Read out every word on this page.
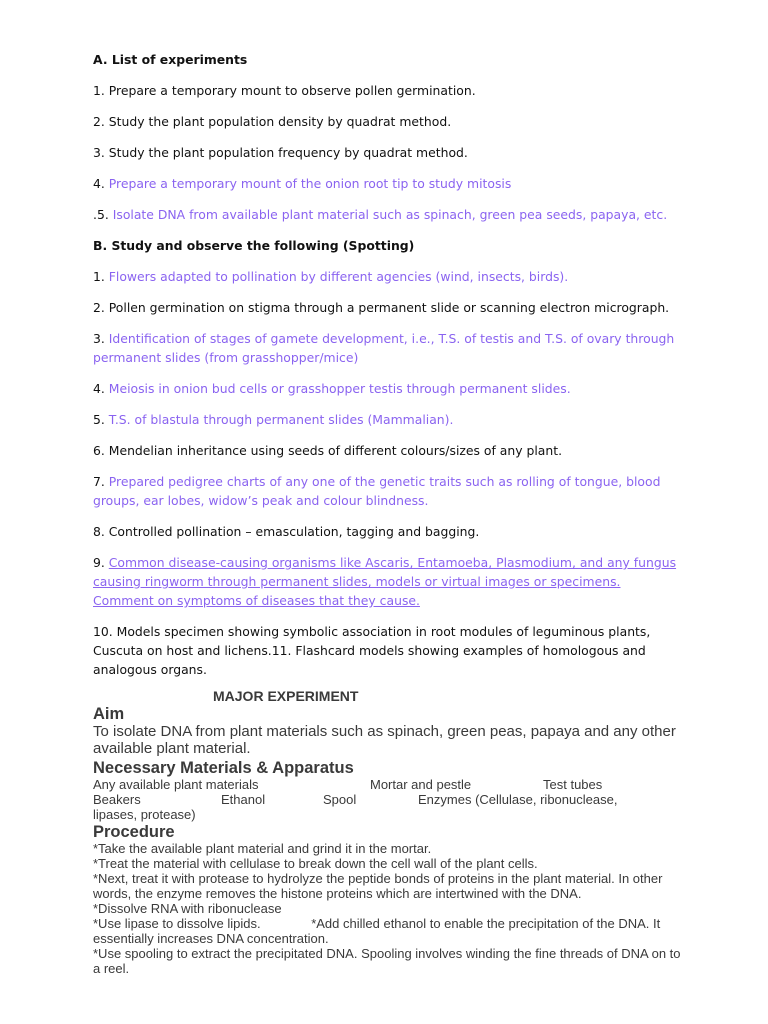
A. List of experiments

1. Prepare a temporary mount to observe pollen germination.

2. Study the plant population density by quadrat method.

3. Study the plant population frequency by quadrat method.

4. Prepare a temporary mount of the onion root tip to study mitosis

.5. Isolate DNA from available plant material such as spinach, green pea seeds, papaya, etc.

B. Study and observe the following (Spotting)

1. Flowers adapted to pollination by different agencies (wind, insects, birds).

2. Pollen germination on stigma through a permanent slide or scanning electron micrograph.

3. Identification of stages of gamete development, i.e., T.S. of testis and T.S. of ovary through permanent slides (from grasshopper/mice)

4. Meiosis in onion bud cells or grasshopper testis through permanent slides.

5. T.S. of blastula through permanent slides (Mammalian).

6. Mendelian inheritance using seeds of different colours/sizes of any plant.

7. Prepared pedigree charts of any one of the genetic traits such as rolling of tongue, blood groups, ear lobes, widow’s peak and colour blindness.

8. Controlled pollination – emasculation, tagging and bagging.

9. Common disease-causing organisms like Ascaris, Entamoeba, Plasmodium, and any fungus causing ringworm through permanent slides, models or virtual images or specimens. Comment on symptoms of diseases that they cause.

10. Models specimen showing symbolic association in root modules of leguminous plants, Cuscuta on host and lichens.11. Flashcard models showing examples of homologous and analogous organs.

MAJOR EXPERIMENT

Aim

To isolate DNA from plant materials such as spinach, green peas, papaya and any other available plant material.

Necessary Materials & Apparatus

Any available plant materials	Mortar and pestle	Test tubes
Beakers	Ethanol	Spool	Enzymes (Cellulase, ribonuclease,

lipases, protease)

Procedure

*Take the available plant material and grind it in the mortar.

*Treat the material with cellulase to break down the cell wall of the plant cells.

*Next, treat it with protease to hydrolyze the peptide bonds of proteins in the plant material. In other words, the enzyme removes the histone proteins which are intertwined with the DNA.

*Dissolve RNA with ribonuclease

*Use lipase to dissolve lipids.              *Add chilled ethanol to enable the precipitation of the DNA. It essentially increases DNA concentration.

*Use spooling to extract the precipitated DNA. Spooling involves winding the fine threads of DNA on to a reel.
